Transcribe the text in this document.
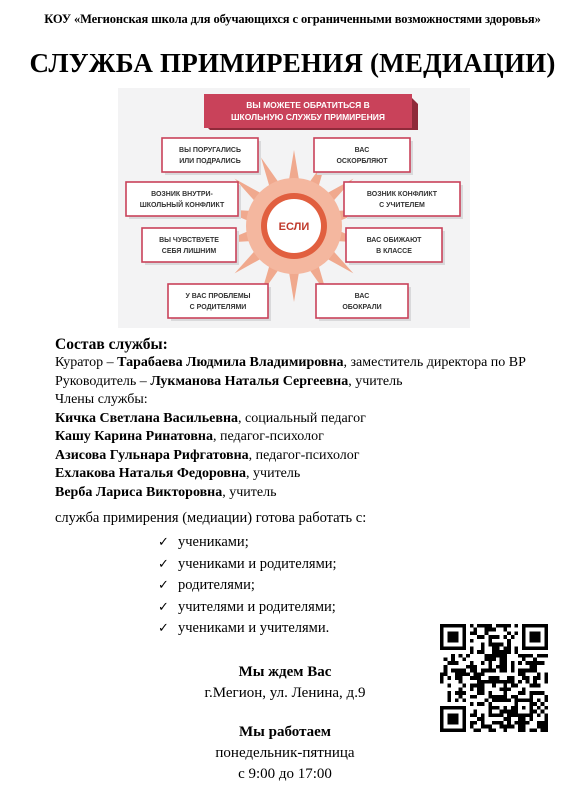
КОУ «Мегионская школа для обучающихся с ограниченными возможностями здоровья»
СЛУЖБА ПРИМИРЕНИЯ (МЕДИАЦИИ)
ВЫ МОЖЕТЕ ОБРАТИТЬСЯ В
ШКОЛЬНУЮ СЛУЖБУ ПРИМИРЕНИЯ
ЕСЛИ
ВЫ ПОРУГАЛИСЬ
ИЛИ ПОДРАЛИСЬ
ВОЗНИК ВНУТРИ-
ШКОЛЬНЫЙ КОНФЛИКТ
ВЫ ЧУВСТВУЕТЕ
СЕБЯ ЛИШНИМ
У ВАС ПРОБЛЕМЫ
С РОДИТЕЛЯМИ
ВАС
ОСКОРБЛЯЮТ
ВОЗНИК КОНФЛИКТ
С УЧИТЕЛЕМ
ВАС ОБИЖАЮТ
В КЛАССЕ
ВАС
ОБОКРАЛИ
Состав службы:
Куратор – Тарабаева Людмила Владимировна, заместитель директора по ВР
Руководитель – Лукманова Наталья Сергеевна, учитель
Члены службы:
Кичка Светлана Васильевна, социальный педагог
Кашу Карина Ринатовна, педагог-психолог
Азисова Гульнара Рифгатовна, педагог-психолог
Ехлакова Наталья Федоровна, учитель
Верба Лариса Викторовна, учитель
служба примирения (медиации) готова работать с:
✓ учениками;
✓ учениками и родителями;
✓ родителями;
✓ учителями и родителями;
✓ учениками и учителями.
Мы ждем Вас
г.Мегион, ул. Ленина, д.9
Мы работаем
понедельник-пятница
с 9:00 до 17:00
